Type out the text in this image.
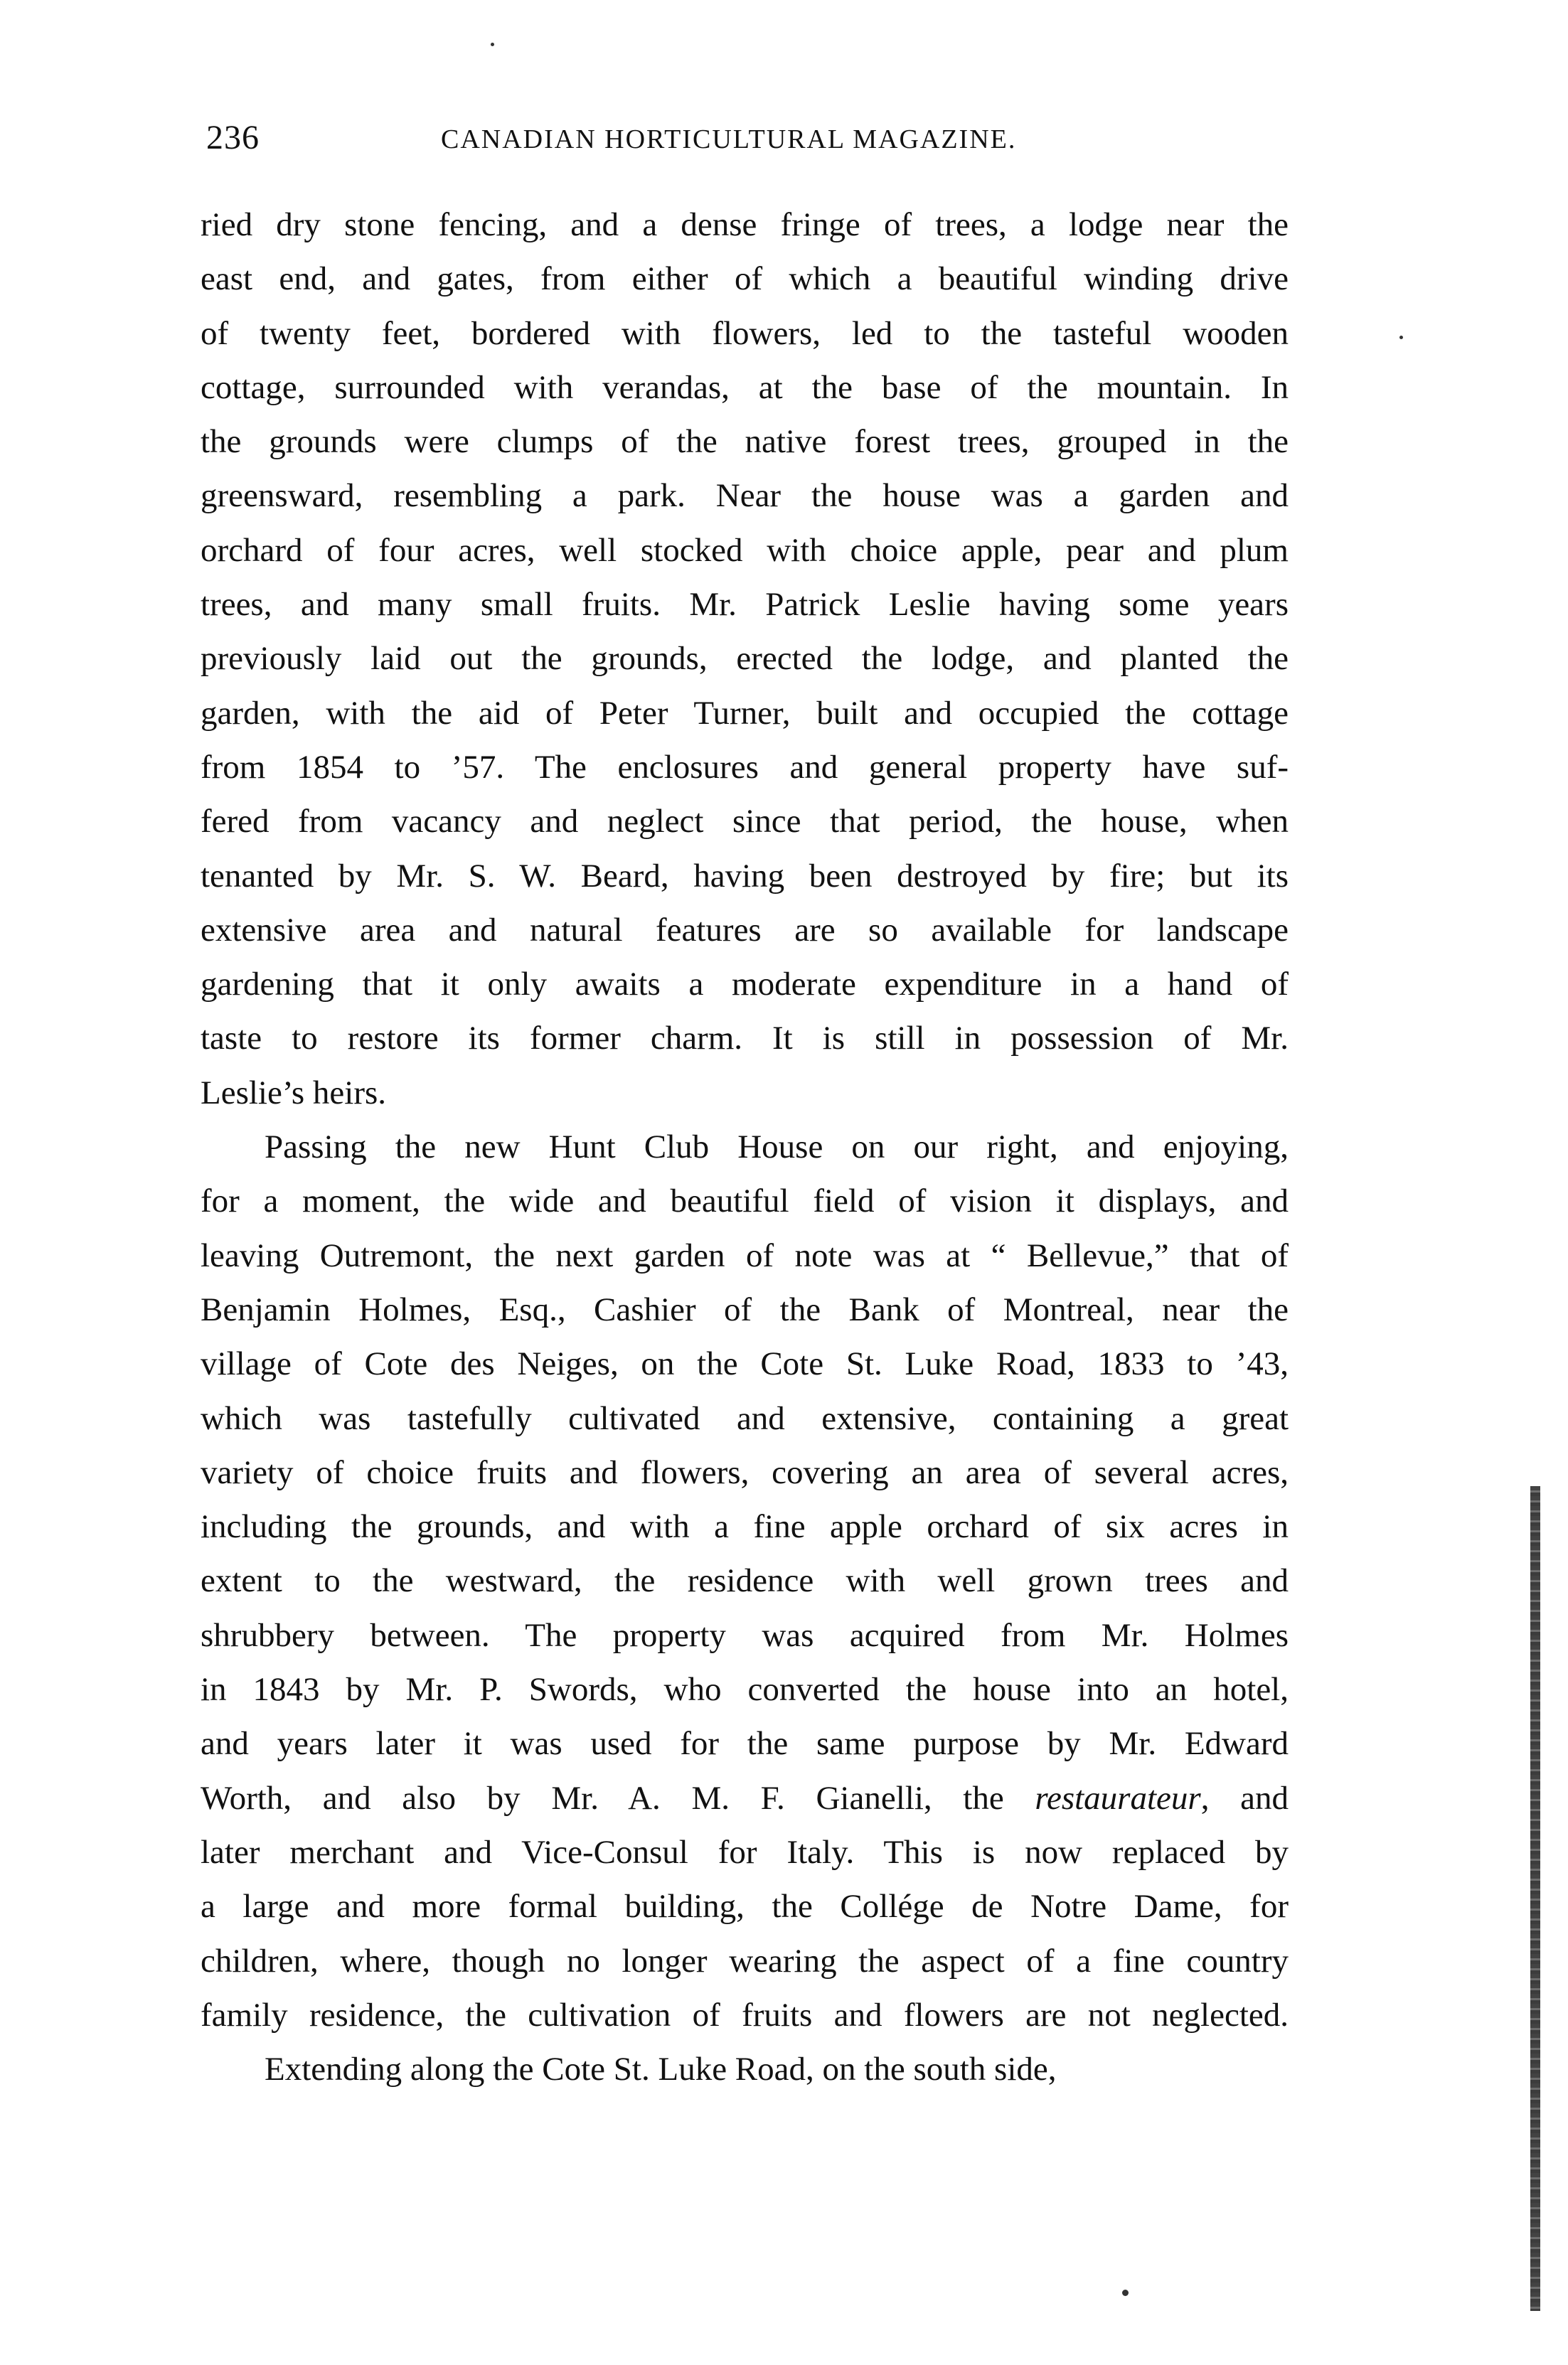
236	CANADIAN HORTICULTURAL MAGAZINE.
ried dry stone fencing, and a dense fringe of trees, a lodge near the
east end, and gates, from either of which a beautiful winding drive
of twenty feet, bordered with flowers, led to the tasteful wooden
cottage, surrounded with verandas, at the base of the mountain. In
the grounds were clumps of the native forest trees, grouped in the
greensward, resembling a park. Near the house was a garden and
orchard of four acres, well stocked with choice apple, pear and plum
trees, and many small fruits. Mr. Patrick Leslie having some years
previously laid out the grounds, erected the lodge, and planted the
garden, with the aid of Peter Turner, built and occupied the cottage
from 1854 to ’57. The enclosures and general property have suf-
fered from vacancy and neglect since that period, the house, when
tenanted by Mr. S. W. Beard, having been destroyed by fire; but its
extensive area and natural features are so available for landscape
gardening that it only awaits a moderate expenditure in a hand of
taste to restore its former charm. It is still in possession of Mr.
Leslie’s heirs.
Passing the new Hunt Club House on our right, and enjoying,
for a moment, the wide and beautiful field of vision it displays, and
leaving Outremont, the next garden of note was at “ Bellevue,” that of
Benjamin Holmes, Esq., Cashier of the Bank of Montreal, near the
village of Cote des Neiges, on the Cote St. Luke Road, 1833 to ’43,
which was tastefully cultivated and extensive, containing a great
variety of choice fruits and flowers, covering an area of several acres,
including the grounds, and with a fine apple orchard of six acres in
extent to the westward, the residence with well grown trees and
shrubbery between. The property was acquired from Mr. Holmes
in 1843 by Mr. P. Swords, who converted the house into an hotel,
and years later it was used for the same purpose by Mr. Edward
Worth, and also by Mr. A. M. F. Gianelli, the restaurateur, and
later merchant and Vice-Consul for Italy. This is now replaced by
a large and more formal building, the Collége de Notre Dame, for
children, where, though no longer wearing the aspect of a fine country
family residence, the cultivation of fruits and flowers are not neglected.
Extending along the Cote St. Luke Road, on the south side,
